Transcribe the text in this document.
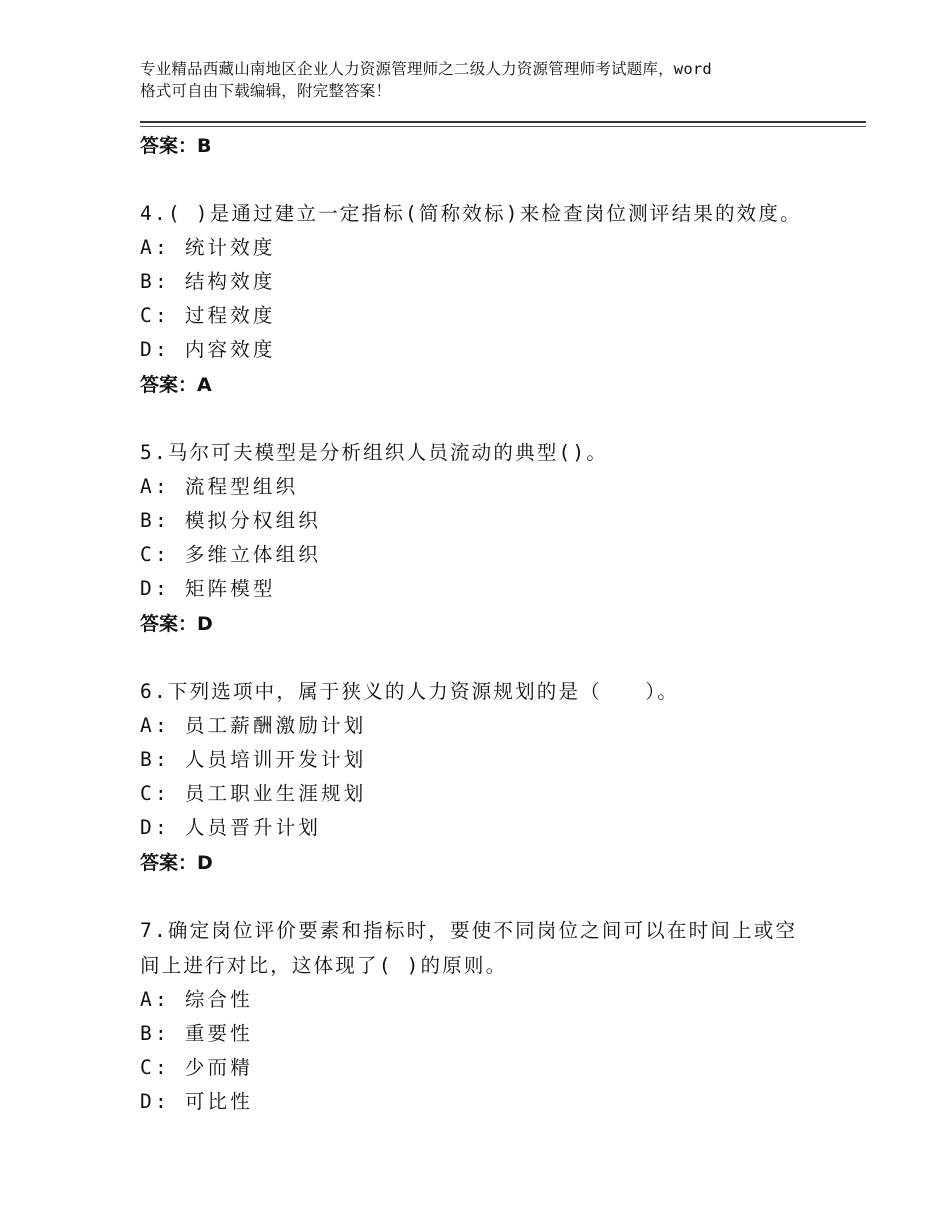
专业精品西藏山南地区企业人力资源管理师之二级人力资源管理师考试题库，word
格式可自由下载编辑，附完整答案！
答案：B
4.( )是通过建立一定指标(简称效标)来检查岗位测评结果的效度。
A: 统计效度
B: 结构效度
C: 过程效度
D: 内容效度
答案：A
5.马尔可夫模型是分析组织人员流动的典型()。
A: 流程型组织
B: 模拟分权组织
C: 多维立体组织
D: 矩阵模型
答案：D
6.下列选项中，属于狭义的人力资源规划的是（　　）。
A: 员工薪酬激励计划
B: 人员培训开发计划
C: 员工职业生涯规划
D: 人员晋升计划
答案：D
7.确定岗位评价要素和指标时，要使不同岗位之间可以在时间上或空
间上进行对比，这体现了( )的原则。
A: 综合性
B: 重要性
C: 少而精
D: 可比性
